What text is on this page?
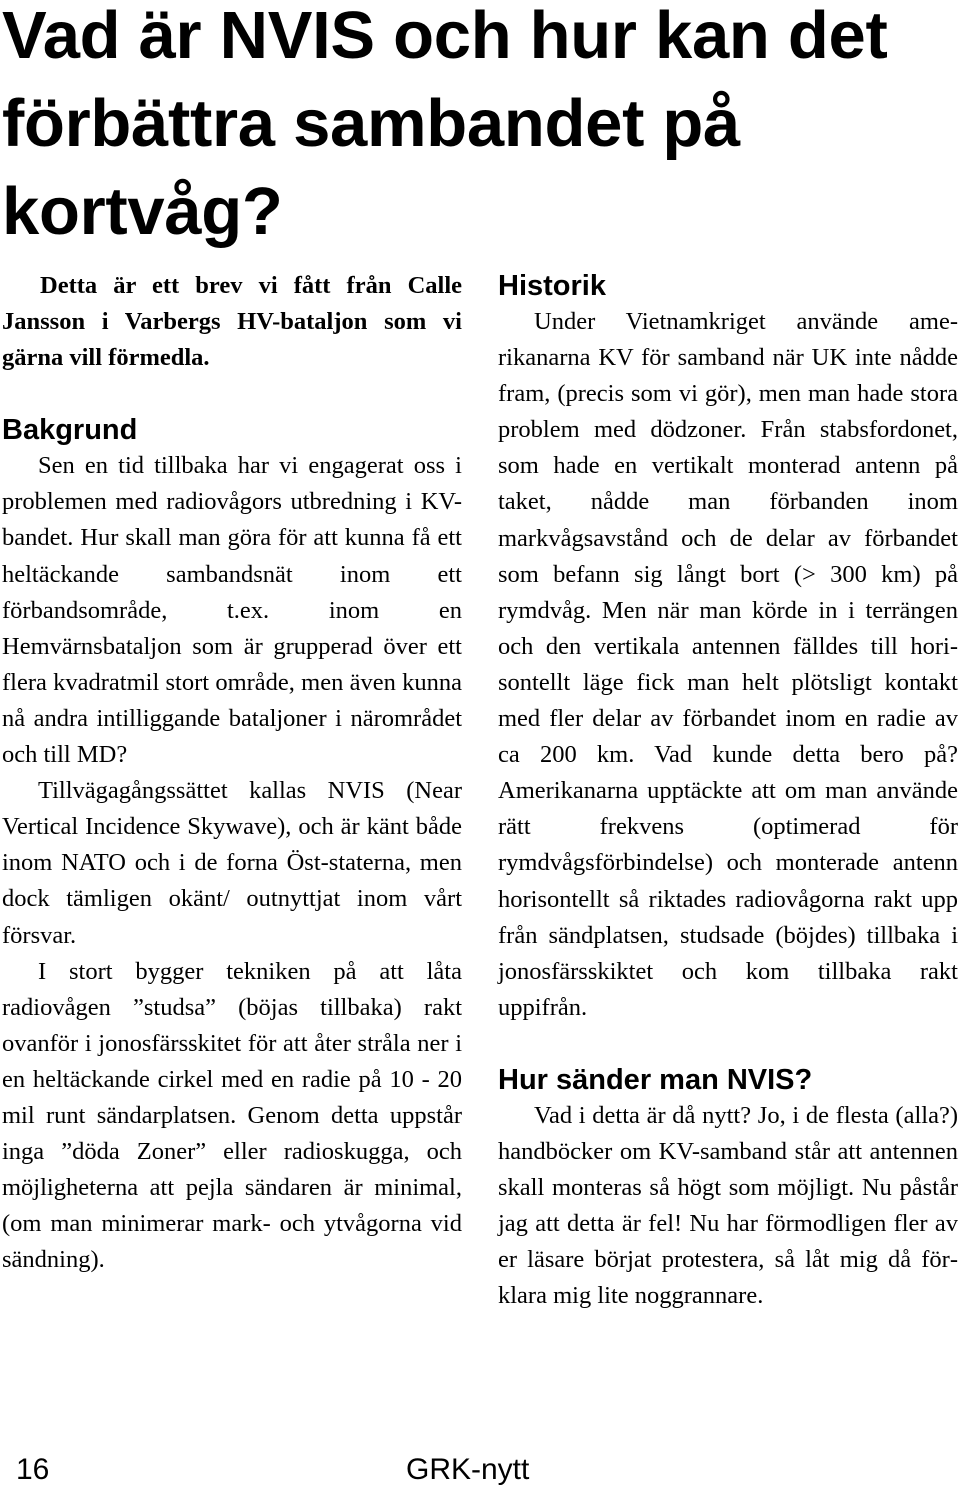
Vad är NVIS och hur kan det förbättra sambandet på kortvåg?

Detta är ett brev vi fått från Calle Jansson i Varbergs HV-bataljon som vi gärna vill förmedla.

Bakgrund

Sen en tid tillbaka har vi engagerat oss i problemen med radiovågors utbredning i KV-bandet. Hur skall man göra för att kunna få ett heltäckande sambandsnät inom ett förbandsområde, t.ex. inom en Hemvärnsbataljon som är grupperad över ett flera kvadratmil stort område, men även kunna nå andra intilliggande bataljoner i närområdet och till MD?

Tillvägagångssättet kallas NVIS (Near Vertical Incidence Skywave), och är känt både inom NATO och i de forna Öst-staterna, men dock tämligen okänt/ outnyttjat inom vårt försvar.

I stort bygger tekniken på att låta radiovågen ”studsa” (böjas tillbaka) rakt ovanför i jonosfärsskitet för att åter stråla ner i en heltäckande cirkel med en radie på 10 - 20 mil runt sändarplatsen. Genom detta uppstår inga ”döda Zoner” eller radioskugga, och möjligheterna att pejla sändaren är minimal, (om man minimerar mark- och ytvågorna vid sändning).

Historik

Under Vietnamkriget använde amerikanarna KV för samband när UK inte nådde fram, (precis som vi gör), men man hade stora problem med dödzoner. Från stabsfordonet, som hade en vertikalt monterad antenn på taket, nådde man förbanden inom markvågsavstånd och de delar av förbandet som befann sig långt bort (> 300 km) på rymdvåg. Men när man körde in i terrängen och den vertikala antennen fälldes till horisontellt läge fick man helt plötsligt kontakt med fler delar av förbandet inom en radie av ca 200 km. Vad kunde detta bero på? Amerikanarna upptäckte att om man använde rätt frekvens (optimerad för rymdvågsförbindelse) och monterade antenn horisontellt så riktades radiovågorna rakt upp från sändplatsen, studsade (böjdes) tillbaka i jonosfärsskiktet och kom tillbaka rakt uppifrån.

Hur sänder man NVIS?

Vad i detta är då nytt? Jo, i de flesta (alla?) handböcker om KV-samband står att antennen skall monteras så högt som möjligt. Nu påstår jag att detta är fel! Nu har förmodligen fler av er läsare börjat protestera, så låt mig då förklara mig lite noggrannare.

16	GRK-nytt
